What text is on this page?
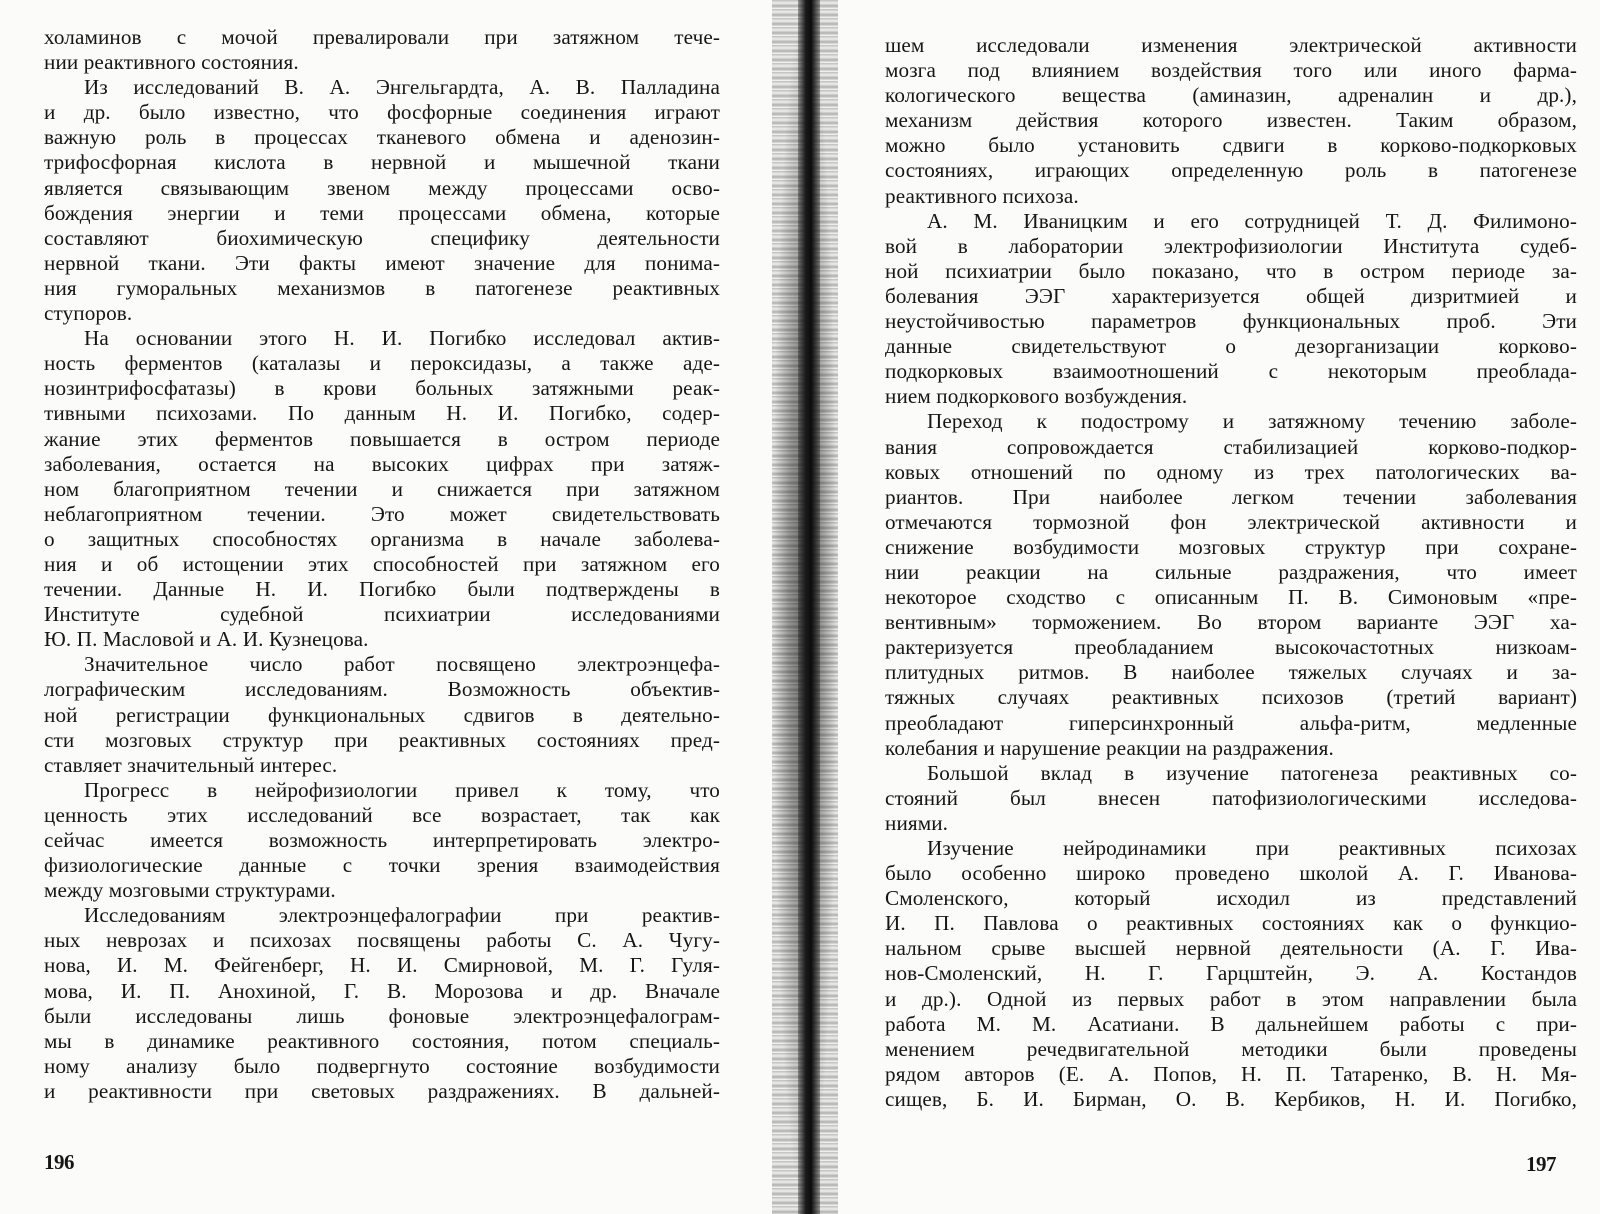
холаминов с мочой превалировали при затяжном тече-
нии реактивного состояния.
Из исследований В. А. Энгельгардта, А. В. Палладина
и др. было известно, что фосфорные соединения играют
важную роль в процессах тканевого обмена и аденозин-
трифосфорная кислота в нервной и мышечной ткани
является связывающим звеном между процессами осво-
бождения энергии и теми процессами обмена, которые
составляют биохимическую специфику деятельности
нервной ткани. Эти факты имеют значение для понима-
ния гуморальных механизмов в патогенезе реактивных
ступоров.
На основании этого Н. И. Погибко исследовал актив-
ность ферментов (каталазы и пероксидазы, а также аде-
нозинтрифосфатазы) в крови больных затяжными реак-
тивными психозами. По данным Н. И. Погибко, содер-
жание этих ферментов повышается в остром периоде
заболевания, остается на высоких цифрах при затяж-
ном благоприятном течении и снижается при затяжном
неблагоприятном течении. Это может свидетельствовать
о защитных способностях организма в начале заболева-
ния и об истощении этих способностей при затяжном его
течении. Данные Н. И. Погибко были подтверждены в
Институте судебной психиатрии исследованиями
Ю. П. Масловой и А. И. Кузнецова.
Значительное число работ посвящено электроэнцефа-
лографическим исследованиям. Возможность объектив-
ной регистрации функциональных сдвигов в деятельно-
сти мозговых структур при реактивных состояниях пред-
ставляет значительный интерес.
Прогресс в нейрофизиологии привел к тому, что
ценность этих исследований все возрастает, так как
сейчас имеется возможность интерпретировать электро-
физиологические данные с точки зрения взаимодействия
между мозговыми структурами.
Исследованиям электроэнцефалографии при реактив-
ных неврозах и психозах посвящены работы С. А. Чугу-
нова, И. М. Фейгенберг, Н. И. Смирновой, М. Г. Гуля-
мова, И. П. Анохиной, Г. В. Морозова и др. Вначале
были исследованы лишь фоновые электроэнцефалограм-
мы в динамике реактивного состояния, потом специаль-
ному анализу было подвергнуто состояние возбудимости
и реактивности при световых раздражениях. В дальней-
196
шем исследовали изменения электрической активности
мозга под влиянием воздействия того или иного фарма-
кологического вещества (аминазин, адреналин и др.),
механизм действия которого известен. Таким образом,
можно было установить сдвиги в корково-подкорковых
состояниях, играющих определенную роль в патогенезе
реактивного психоза.
А. М. Иваницким и его сотрудницей Т. Д. Филимоно-
вой в лаборатории электрофизиологии Института судеб-
ной психиатрии было показано, что в остром периоде за-
болевания ЭЭГ характеризуется общей дизритмией и
неустойчивостью параметров функциональных проб. Эти
данные свидетельствуют о дезорганизации корково-
подкорковых взаимоотношений с некоторым преоблада-
нием подкоркового возбуждения.
Переход к подострому и затяжному течению заболе-
вания сопровождается стабилизацией корково-подкор-
ковых отношений по одному из трех патологических ва-
риантов. При наиболее легком течении заболевания
отмечаются тормозной фон электрической активности и
снижение возбудимости мозговых структур при сохране-
нии реакции на сильные раздражения, что имеет
некоторое сходство с описанным П. В. Симоновым «пре-
вентивным» торможением. Во втором варианте ЭЭГ ха-
рактеризуется преобладанием высокочастотных низкоам-
плитудных ритмов. В наиболее тяжелых случаях и за-
тяжных случаях реактивных психозов (третий вариант)
преобладают гиперсинхронный альфа-ритм, медленные
колебания и нарушение реакции на раздражения.
Большой вклад в изучение патогенеза реактивных со-
стояний был внесен патофизиологическими исследова-
ниями.
Изучение нейродинамики при реактивных психозах
было особенно широко проведено школой А. Г. Иванова-
Смоленского, который исходил из представлений
И. П. Павлова о реактивных состояниях как о функцио-
нальном срыве высшей нервной деятельности (А. Г. Ива-
нов-Смоленский, Н. Г. Гарцштейн, Э. А. Костандов
и др.). Одной из первых работ в этом направлении была
работа М. М. Асатиани. В дальнейшем работы с при-
менением речедвигательной методики были проведены
рядом авторов (Е. А. Попов, Н. П. Татаренко, В. Н. Мя-
сищев, Б. И. Бирман, О. В. Кербиков, Н. И. Погибко,
197
